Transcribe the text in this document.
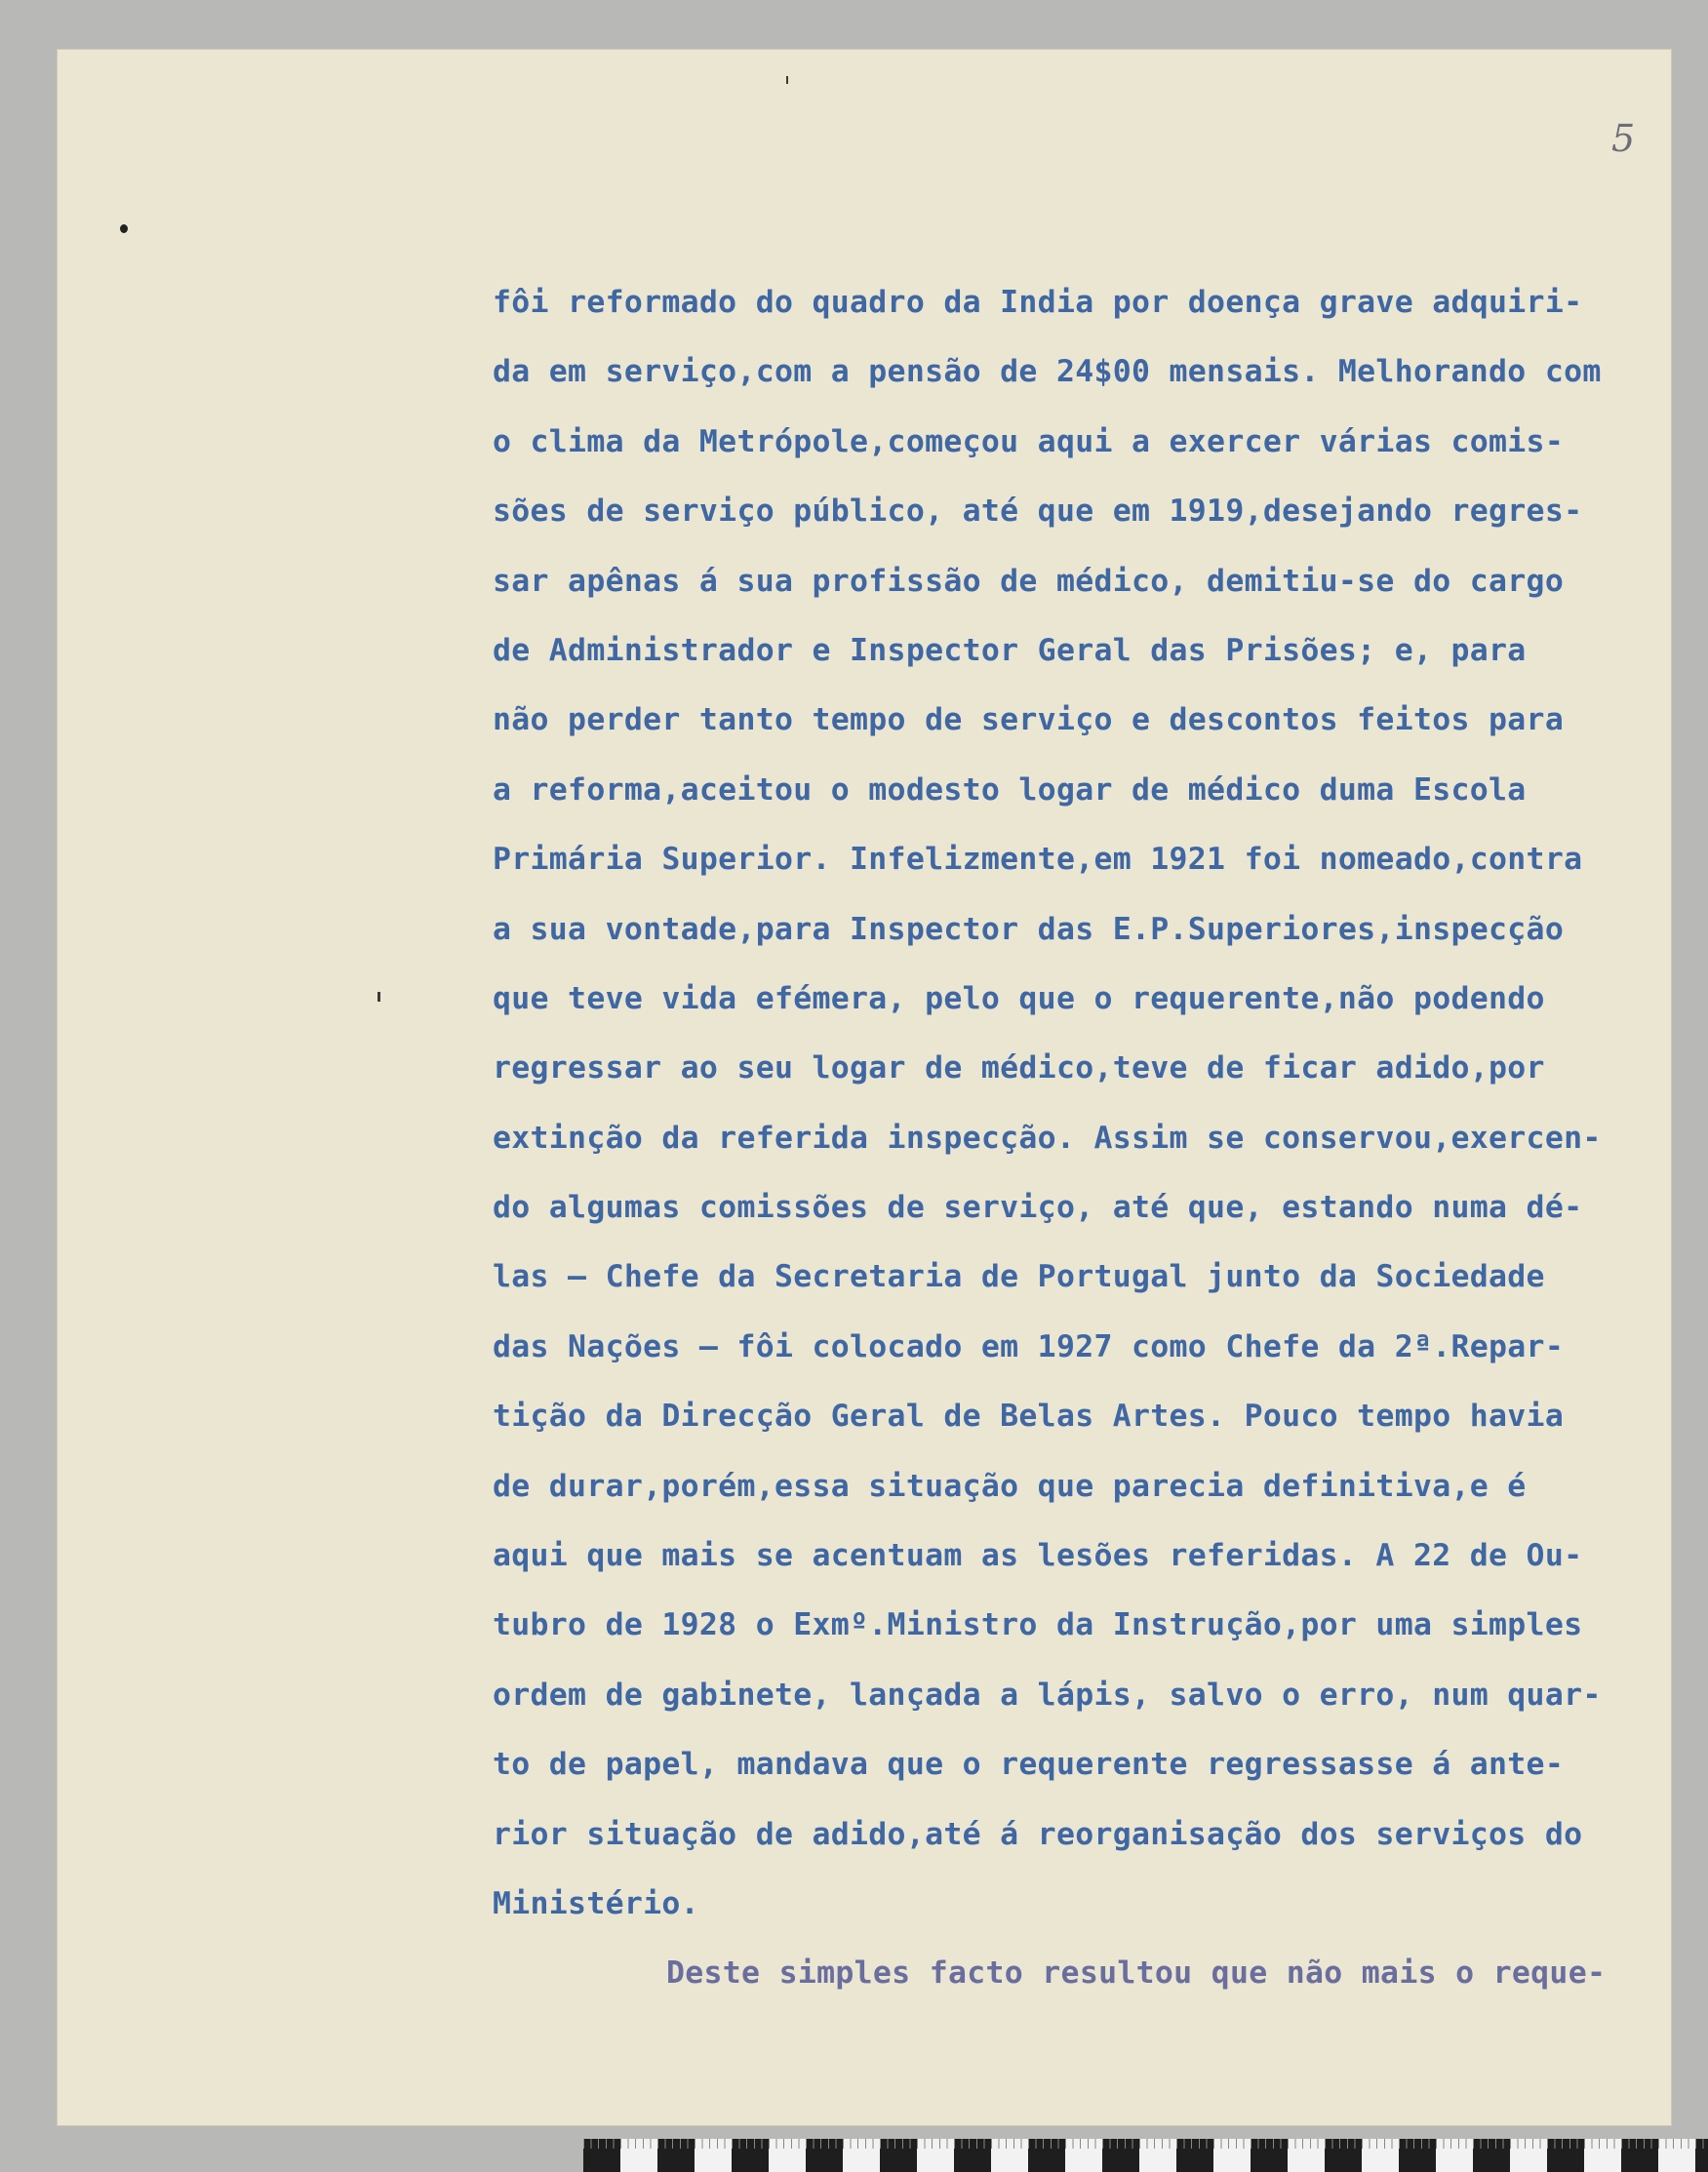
5
fôi reformado do quadro da India por doença grave adquiri-
da em serviço,com a pensão de 24$00 mensais. Melhorando com
o clima da Metrópole,começou aqui a exercer várias comis-
sões de serviço público, até que em 1919,desejando regres-
sar apênas á sua profissão de médico, demitiu-se do cargo
de Administrador e Inspector Geral das Prisões; e, para
não perder tanto tempo de serviço e descontos feitos para
a reforma,aceitou o modesto logar de médico duma Escola
Primária Superior. Infelizmente,em 1921 foi nomeado,contra
a sua vontade,para Inspector das E.P.Superiores,inspecção
que teve vida efémera, pelo que o requerente,não podendo
regressar ao seu logar de médico,teve de ficar adido,por
extinção da referida inspecção. Assim se conservou,exercen-
do algumas comissões de serviço, até que, estando numa dé-
las — Chefe da Secretaria de Portugal junto da Sociedade
das Nações — fôi colocado em 1927 como Chefe da 2ª.Repar-
tição da Direcção Geral de Belas Artes. Pouco tempo havia
de durar,porém,essa situação que parecia definitiva,e é
aqui que mais se acentuam as lesões referidas. A 22 de Ou-
tubro de 1928 o Exmº.Ministro da Instrução,por uma simples
ordem de gabinete, lançada a lápis, salvo o erro, num quar-
to de papel, mandava que o requerente regressasse á ante-
rior situação de adido,até á reorganisação dos serviços do
Ministério.
Deste simples facto resultou que não mais o reque-
